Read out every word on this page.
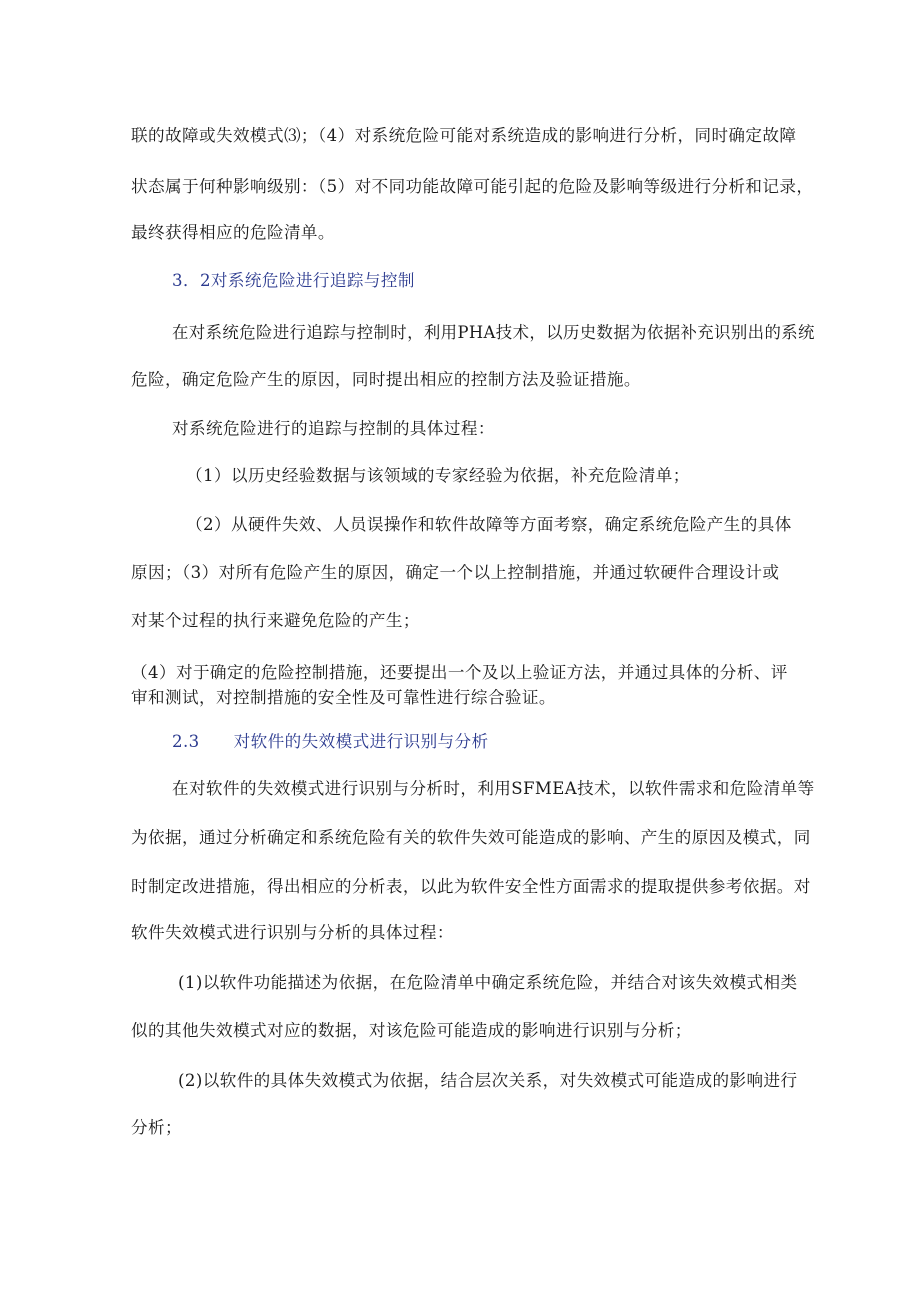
联的故障或失效模式⑶；（4）对系统危险可能对系统造成的影响进行分析，同时确定故障
状态属于何种影响级别：（5）对不同功能故障可能引起的危险及影响等级进行分析和记录，
最终获得相应的危险清单。
3．2对系统危险进行追踪与控制
在对系统危险进行追踪与控制时，利用PHA技术，以历史数据为依据补充识别出的系统
危险，确定危险产生的原因，同时提出相应的控制方法及验证措施。
对系统危险进行的追踪与控制的具体过程：
（1）以历史经验数据与该领域的专家经验为依据，补充危险清单；
（2）从硬件失效、人员误操作和软件故障等方面考察，确定系统危险产生的具体
原因；（3）对所有危险产生的原因，确定一个以上控制措施，并通过软硬件合理设计或
对某个过程的执行来避免危险的产生；
（4）对于确定的危险控制措施，还要提出一个及以上验证方法，并通过具体的分析、评
审和测试，对控制措施的安全性及可靠性进行综合验证。
2.3      对软件的失效模式进行识别与分析
在对软件的失效模式进行识别与分析时，利用SFMEA技术，以软件需求和危险清单等
为依据，通过分析确定和系统危险有关的软件失效可能造成的影响、产生的原因及模式，同
时制定改进措施，得出相应的分析表，以此为软件安全性方面需求的提取提供参考依据。对
软件失效模式进行识别与分析的具体过程：
(1)以软件功能描述为依据，在危险清单中确定系统危险，并结合对该失效模式相类
似的其他失效模式对应的数据，对该危险可能造成的影响进行识别与分析；
(2)以软件的具体失效模式为依据，结合层次关系，对失效模式可能造成的影响进行
分析；
